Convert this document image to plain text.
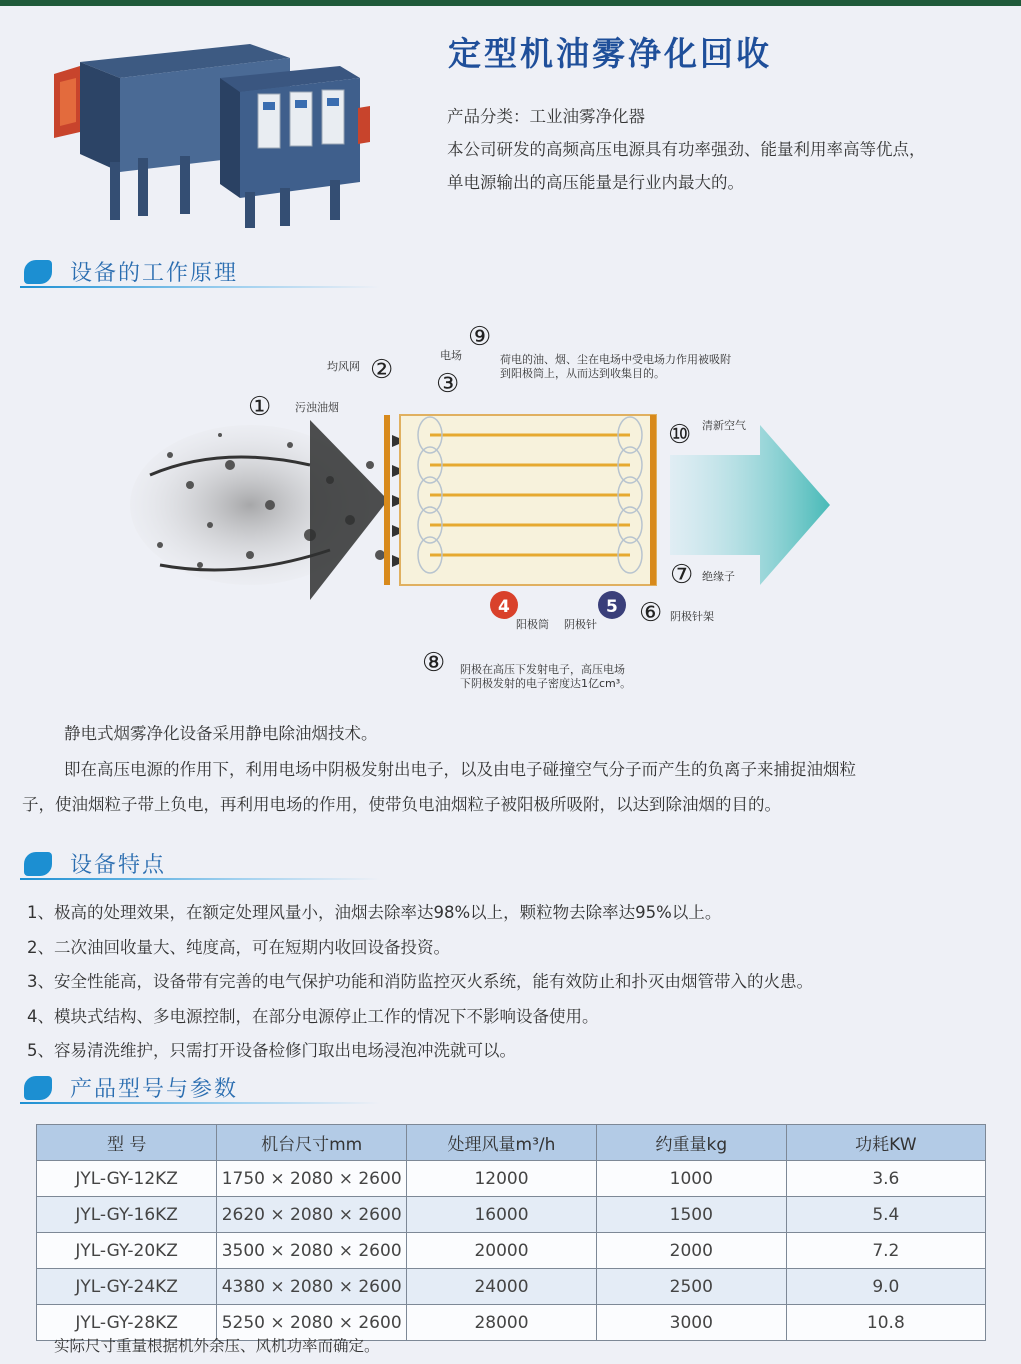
定型机油雾净化回收
产品分类：工业油雾净化器
本公司研发的高频高压电源具有功率强劲、能量利用率高等优点，
单电源输出的高压能量是行业内最大的。
设备的工作原理
①
② ③
⑨
⑩
⑦
⑥
⑧
4	5
污浊油烟
均风网
电场	荷电的油、烟、尘在电场中受电场力作用被吸附
到阳极筒上，从而达到收集目的。
清新空气
绝缘子
阴极针架
阳极筒 阴极针
阴极在高压下发射电子，高压电场
下阴极发射的电子密度达1亿cm³。
静电式烟雾净化设备采用静电除油烟技术。
即在高压电源的作用下，利用电场中阴极发射出电子，以及由电子碰撞空气分子而产生的负离子来捕捉油烟粒
子，使油烟粒子带上负电，再利用电场的作用，使带负电油烟粒子被阳极所吸附，以达到除油烟的目的。
设备特点
1、极高的处理效果，在额定处理风量小，油烟去除率达98%以上，颗粒物去除率达95%以上。
2、二次油回收量大、纯度高，可在短期内收回设备投资。
3、安全性能高，设备带有完善的电气保护功能和消防监控灭火系统，能有效防止和扑灭由烟管带入的火患。
4、模块式结构、多电源控制，在部分电源停止工作的情况下不影响设备使用。
5、容易清洗维护，只需打开设备检修门取出电场浸泡冲洗就可以。
产品型号与参数
型 号	机台尺寸mm	处理风量m³/h	约重量kg	功耗KW
JYL-GY-12KZ	1750 × 2080 × 2600	12000	1000	3.6
JYL-GY-16KZ	2620 × 2080 × 2600	16000	1500	5.4
JYL-GY-20KZ	3500 × 2080 × 2600	20000	2000	7.2
JYL-GY-24KZ	4380 × 2080 × 2600	24000	2500	9.0
JYL-GY-28KZ	5250 × 2080 × 2600	28000	3000	10.8
实际尺寸重量根据机外余压、风机功率而确定。
